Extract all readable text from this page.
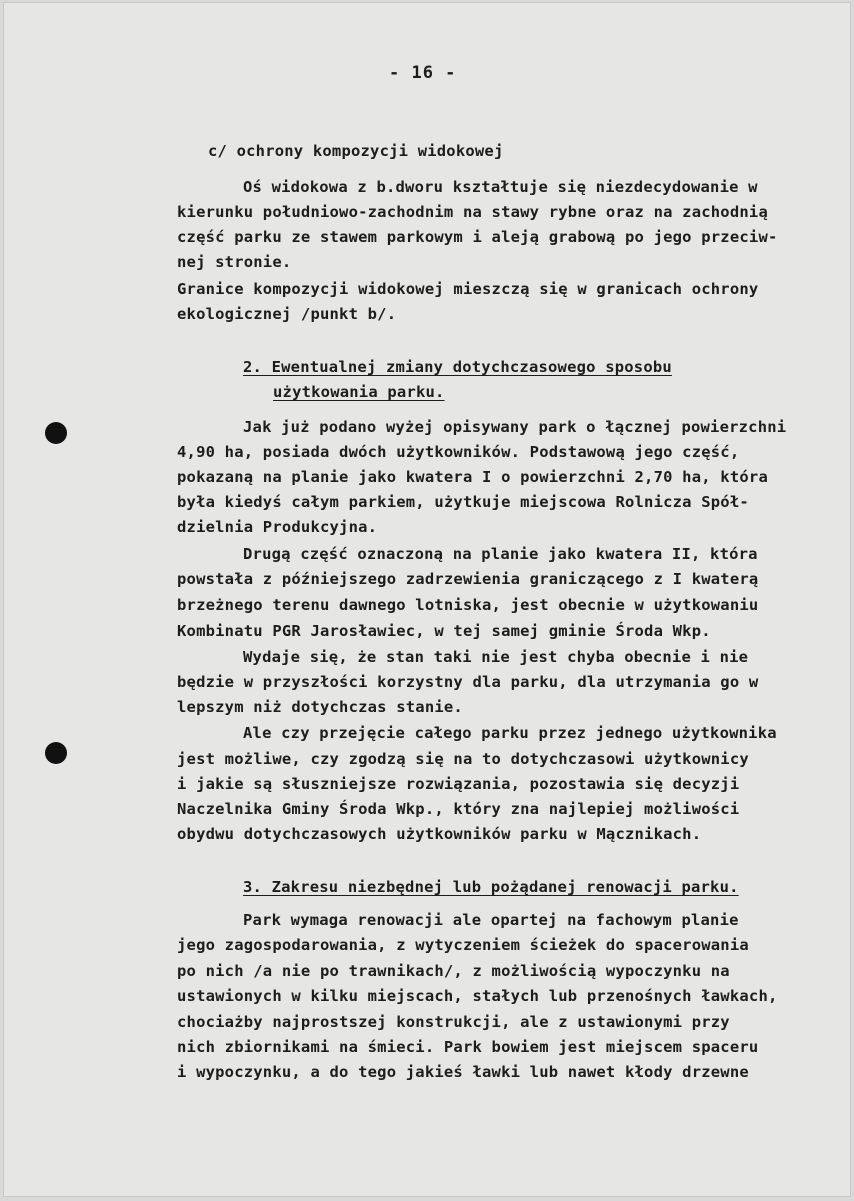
- 16 -
c/ ochrony kompozycji widokowej
Oś widokowa z b.dworu kształtuje się niezdecydowanie w
kierunku południowo-zachodnim na stawy rybne oraz na zachodnią
część parku ze stawem parkowym i aleją grabową po jego przeciw-
nej stronie.
Granice kompozycji widokowej mieszczą się w granicach ochrony
ekologicznej /punkt b/.
2. Ewentualnej zmiany dotychczasowego sposobu
użytkowania parku.
Jak już podano wyżej opisywany park o łącznej powierzchni
4,90 ha, posiada dwóch użytkowników. Podstawową jego część,
pokazaną na planie jako kwatera I o powierzchni 2,70 ha, która
była kiedyś całym parkiem, użytkuje miejscowa Rolnicza Spół-
dzielnia Produkcyjna.
Drugą część oznaczoną na planie jako kwatera II, która
powstała z późniejszego zadrzewienia graniczącego z I kwaterą
brzeżnego terenu dawnego lotniska, jest obecnie w użytkowaniu
Kombinatu PGR Jarosławiec, w tej samej gminie Środa Wkp.
Wydaje się, że stan taki nie jest chyba obecnie i nie
będzie w przyszłości korzystny dla parku, dla utrzymania go w
lepszym niż dotychczas stanie.
Ale czy przejęcie całego parku przez jednego użytkownika
jest możliwe, czy zgodzą się na to dotychczasowi użytkownicy
i jakie są słuszniejsze rozwiązania, pozostawia się decyzji
Naczelnika Gminy Środa Wkp., który zna najlepiej możliwości
obydwu dotychczasowych użytkowników parku w Mącznikach.
3. Zakresu niezbędnej lub pożądanej renowacji parku.
Park wymaga renowacji ale opartej na fachowym planie
jego zagospodarowania, z wytyczeniem ścieżek do spacerowania
po nich /a nie po trawnikach/, z możliwością wypoczynku na
ustawionych w kilku miejscach, stałych lub przenośnych ławkach,
chociażby najprostszej konstrukcji, ale z ustawionymi przy
nich zbiornikami na śmieci. Park bowiem jest miejscem spaceru
i wypoczynku, a do tego jakieś ławki lub nawet kłody drzewne
